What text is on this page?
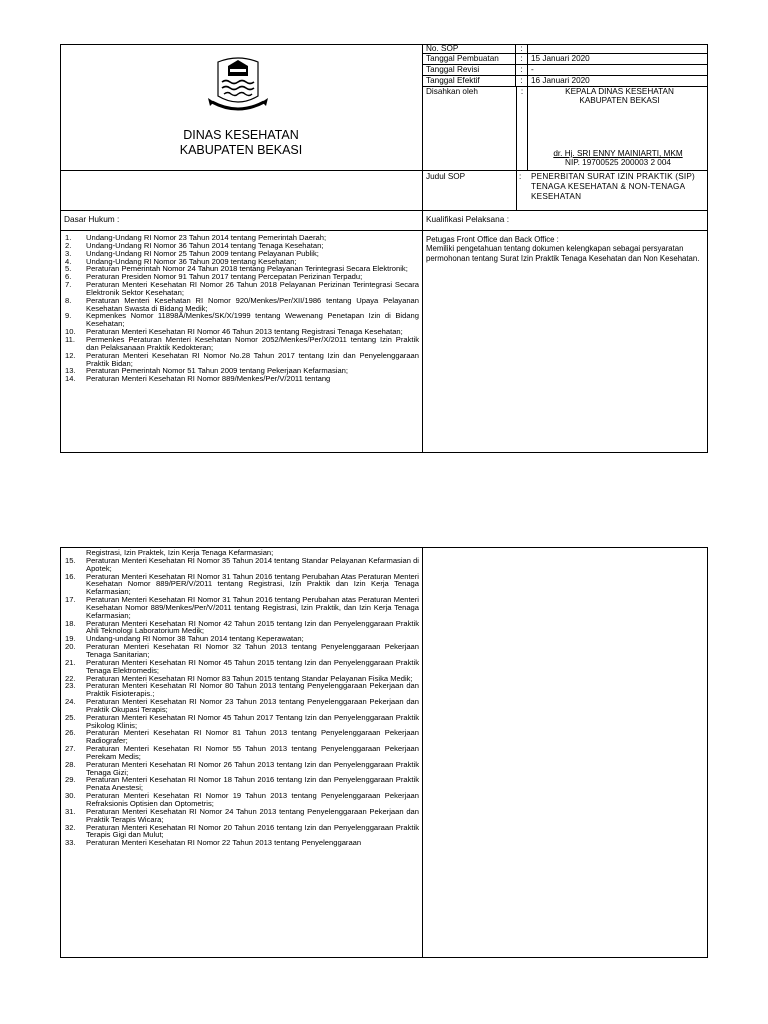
DINAS KESEHATAN
KABUPATEN BEKASI
No. SOP	:
Tanggal Pembuatan	:	15 Januari 2020
Tanggal Revisi	:	-
Tanggal Efektif	:	16 Januari 2020
Disahkan oleh	:	KEPALA DINAS KESEHATAN
KABUPATEN BEKASI
dr. Hj. SRI ENNY MAINIARTI, MKM
NIP. 19700525 200003 2 004
Judul SOP	: PENERBITAN SURAT IZIN PRAKTIK (SIP) TENAGA KESEHATAN & NON-TENAGA KESEHATAN
Dasar Hukum :	Kualifikasi Pelaksana :
1. Undang-Undang RI Nomor 23 Tahun 2014 tentang Pemerintah Daerah;
2. Undang-Undang RI Nomor 36 Tahun 2014 tentang Tenaga Kesehatan;
3. Undang-Undang RI Nomor 25 Tahun 2009 tentang Pelayanan Publik;
4. Undang-Undang RI Nomor 36 Tahun 2009 tentang Kesehatan;
5. Peraturan Pemerintah Nomor 24 Tahun 2018 tentang Pelayanan Terintegrasi Secara Elektronik;
6. Peraturan Presiden Nomor 91 Tahun 2017 tentang Percepatan Perizinan Terpadu;
7. Peraturan Menteri Kesehatan RI Nomor 26 Tahun 2018 Pelayanan Perizinan Terintegrasi Secara Elektronik Sektor Kesehatan;
8. Peraturan Menteri Kesehatan RI Nomor 920/Menkes/Per/XII/1986 tentang Upaya Pelayanan Kesehatan Swasta di Bidang Medik;
9. Kepmenkes Nomor 11898A/Menkes/SK/X/1999 tentang Wewenang Penetapan Izin di Bidang Kesehatan;
10. Peraturan Menteri Kesehatan RI Nomor 46 Tahun 2013 tentang Registrasi Tenaga Kesehatan;
11. Permenkes Peraturan Menteri Kesehatan Nomor 2052/Menkes/Per/X/2011 tentang Izin Praktik dan Pelaksanaan Praktik Kedokteran;
12. Peraturan Menteri Kesehatan RI Nomor No.28 Tahun 2017 tentang Izin dan Penyelenggaraan Praktik Bidan;
13. Peraturan Pemerintah Nomor 51 Tahun 2009 tentang Pekerjaan Kefarmasian;
14. Peraturan Menteri Kesehatan RI Nomor 889/Menkes/Per/V/2011 tentang
Petugas Front Office dan Back Office :
Memiliki pengetahuan tentang dokumen kelengkapan sebagai persyaratan permohonan tentang Surat Izin Praktik Tenaga Kesehatan dan Non Kesehatan.
Registrasi, Izin Praktek, Izin Kerja Tenaga Kefarmasian;
15. Peraturan Menteri Kesehatan RI Nomor 35 Tahun 2014 tentang Standar Pelayanan Kefarmasian di Apotek;
16. Peraturan Menteri Kesehatan RI Nomor 31 Tahun 2016 tentang Perubahan Atas Peraturan Menteri Kesehatan Nomor 889/PER/V/2011 tentang Registrasi, Izin Praktik dan Izin Kerja Tenaga Kefarmasian;
17. Peraturan Menteri Kesehatan RI Nomor 31 Tahun 2016 tentang Perubahan atas Peraturan Menteri Kesehatan Nomor 889/Menkes/Per/V/2011 tentang Registrasi, Izin Praktik, dan Izin Kerja Tenaga Kefarmasian;
18. Peraturan Menteri Kesehatan RI Nomor 42 Tahun 2015 tentang Izin dan Penyelenggaraan Praktik Ahli Teknologi Laboratorium Medik;
19. Undang-undang RI Nomor 38 Tahun 2014 tentang Keperawatan;
20. Peraturan Menteri Kesehatan RI Nomor 32 Tahun 2013 tentang Penyelenggaraan Pekerjaan Tenaga Sanitarian;
21. Peraturan Menteri Kesehatan RI Nomor 45 Tahun 2015 tentang Izin dan Penyelenggaraan Praktik Tenaga Elektromedis;
22. Peraturan Menteri Kesehatan RI Nomor 83 Tahun 2015 tentang Standar Pelayanan Fisika Medik;
23. Peraturan Menteri Kesehatan RI Nomor 80 Tahun 2013 tentang Penyelenggaraan Pekerjaan dan Praktik Fisioterapis.;
24. Peraturan Menteri Kesehatan RI Nomor 23 Tahun 2013 tentang Penyelenggaraan Pekerjaan dan Praktik Okupasi Terapis;
25. Peraturan Menteri Kesehatan RI Nomor 45 Tahun 2017 Tentang Izin dan Penyelenggaraan Praktik Psikolog Klinis;
26. Peraturan Menteri Kesehatan RI Nomor 81 Tahun 2013 tentang Penyelenggaraan Pekerjaan Radiografer;
27. Peraturan Menteri Kesehatan RI Nomor 55 Tahun 2013 tentang Penyelenggaraan Pekerjaan Perekam Medis;
28. Peraturan Menteri Kesehatan RI Nomor 26 Tahun 2013 tentang Izin dan Penyelenggaraan Praktik Tenaga Gizi;
29. Peraturan Menteri Kesehatan RI Nomor 18 Tahun 2016 tentang Izin dan Penyelenggaraan Praktik Penata Anestesi;
30. Peraturan Menteri Kesehatan RI Nomor 19 Tahun 2013 tentang Penyelenggaraan Pekerjaan Refraksionis Optisien dan Optometris;
31. Peraturan Menteri Kesehatan RI Nomor 24 Tahun 2013 tentang Penyelenggaraan Pekerjaan dan Praktik Terapis Wicara;
32. Peraturan Menteri Kesehatan RI Nomor 20 Tahun 2016 tentang Izin dan Penyelenggaraan Praktik Terapis Gigi dan Mulut;
33. Peraturan Menteri Kesehatan RI Nomor 22 Tahun 2013 tentang Penyelenggaraan
